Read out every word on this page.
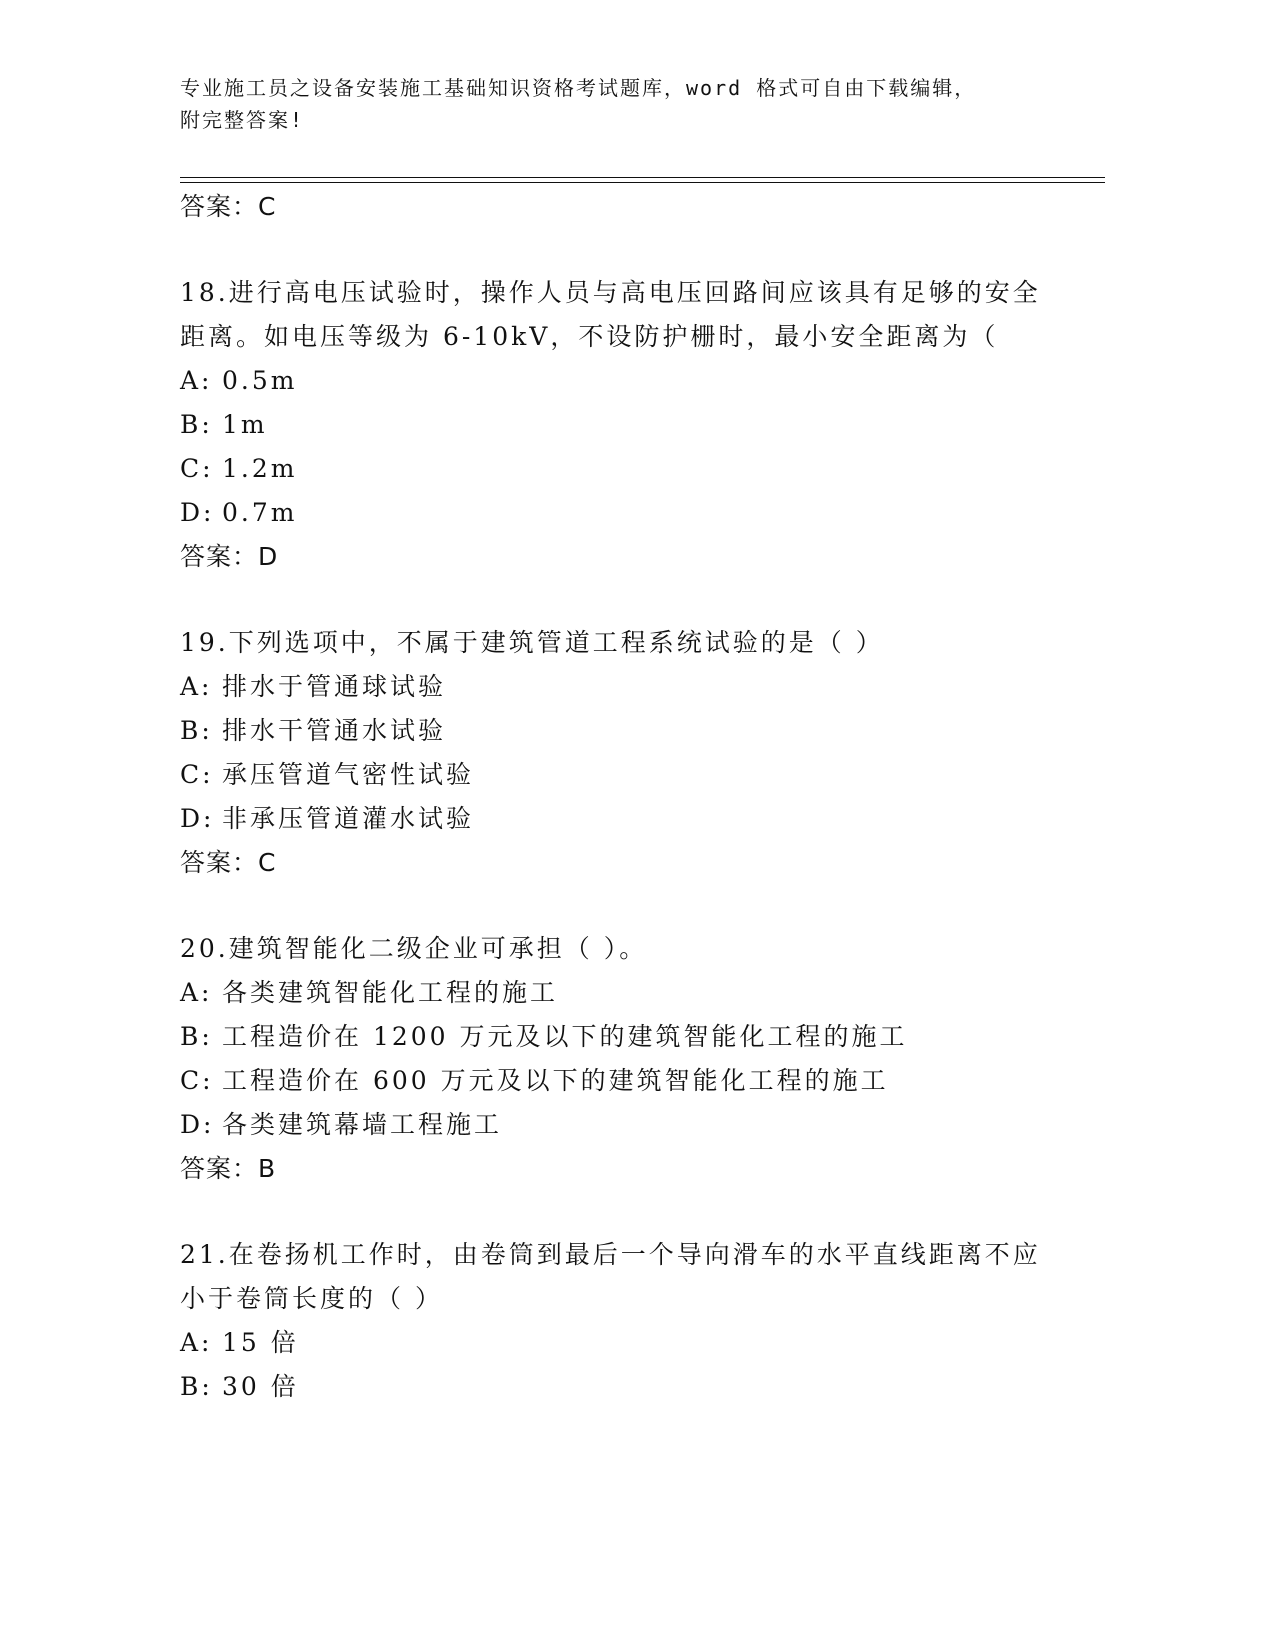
专业施工员之设备安装施工基础知识资格考试题库，word 格式可自由下载编辑，
附完整答案!
答案：C
18.进行高电压试验时，操作人员与高电压回路间应该具有足够的安全距离。如电压等级为 6-10kV，不设防护栅时，最小安全距离为（
A: 0.5m
B: 1m
C: 1.2m
D: 0.7m
答案：D
19.下列选项中，不属于建筑管道工程系统试验的是（ ）
A: 排水于管通球试验
B: 排水干管通水试验
C: 承压管道气密性试验
D: 非承压管道灌水试验
答案：C
20.建筑智能化二级企业可承担（ ）。
A: 各类建筑智能化工程的施工
B: 工程造价在 1200 万元及以下的建筑智能化工程的施工
C: 工程造价在 600 万元及以下的建筑智能化工程的施工
D: 各类建筑幕墙工程施工
答案：B
21.在卷扬机工作时，由卷筒到最后一个导向滑车的水平直线距离不应小于卷筒长度的（ ）
A: 15 倍
B: 30 倍
